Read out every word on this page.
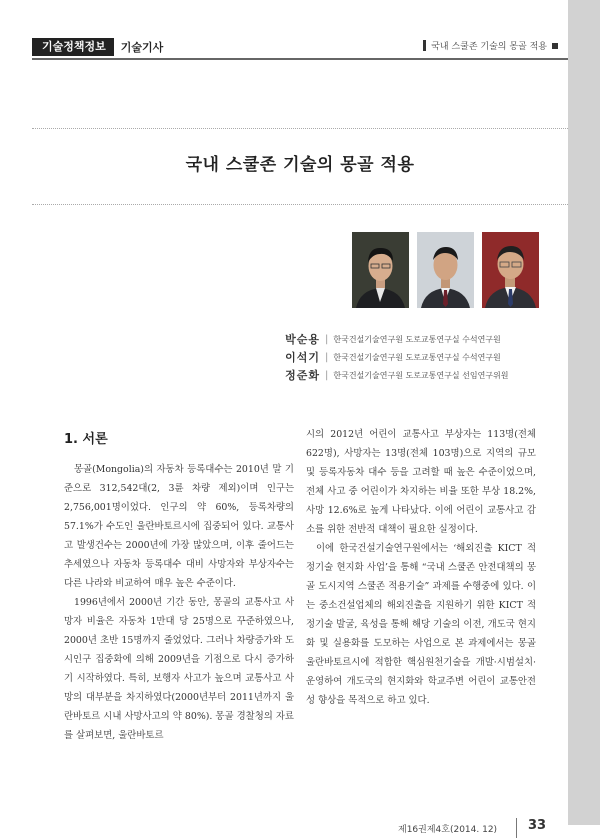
기술정책정보	기술기사	국내 스쿨존 기술의 몽골 적용
국내 스쿨존 기술의 몽골 적용
박순용 | 한국건설기술연구원 도로교통연구실 수석연구원
이석기 | 한국건설기술연구원 도로교통연구실 수석연구원
정준화 | 한국건설기술연구원 도로교통연구실 선임연구위원
1. 서론

몽골(Mongolia)의 자동차 등록대수는 2010년 말 기준으로 312,542대(2, 3륜 차량 제외)이며 인구는 2,756,001명이었다. 인구의 약 60%, 등록차량의 57.1%가 수도인 울란바토르시에 집중되어 있다. 교통사고 발생건수는 2000년에 가장 많았으며, 이후 줄어드는 추세였으나 자동차 등록대수 대비 사망자와 부상자수는 다른 나라와 비교하여 매우 높은 수준이다.

1996년에서 2000년 기간 동안, 몽골의 교통사고 사망자 비율은 자동차 1만대 당 25명으로 꾸준하였으나, 2000년 초반 15명까지 줄었었다. 그러나 차량증가와 도시인구 집중화에 의해 2009년을 기점으로 다시 증가하기 시작하였다. 특히, 보행자 사고가 높으며 교통사고 사망의 대부분을 차지하였다(2000년부터 2011년까지 울란바토르 시내 사망사고의 약 80%). 몽골 경찰청의 자료를 살펴보면, 울란바토르

시의 2012년 어린이 교통사고 부상자는 113명(전체 622명), 사망자는 13명(전체 103명)으로 지역의 규모 및 등록자동차 대수 등을 고려할 때 높은 수준이었으며, 전체 사고 중 어린이가 차지하는 비율 또한 부상 18.2%, 사망 12.6%로 높게 나타났다. 이에 어린이 교통사고 감소를 위한 전반적 대책이 필요한 실정이다.

이에 한국건설기술연구원에서는 ‘해외진출 KICT 적정기술 현지화 사업’을 통해 “국내 스쿨존 안전대책의 몽골 도시지역 스쿨존 적용기술” 과제를 수행중에 있다. 이는 중소건설업체의 해외진출을 지원하기 위한 KICT 적정기술 발굴, 육성을 통해 해당 기술의 이전, 개도국 현지화 및 실용화를 도모하는 사업으로 본 과제에서는 몽골 울란바토르시에 적합한 핵심원천기술을 개발·시범설치·운영하여 개도국의 현지화와 학교주변 어린이 교통안전성 향상을 목적으로 하고 있다.

제16권제4호(2014. 12) 33
